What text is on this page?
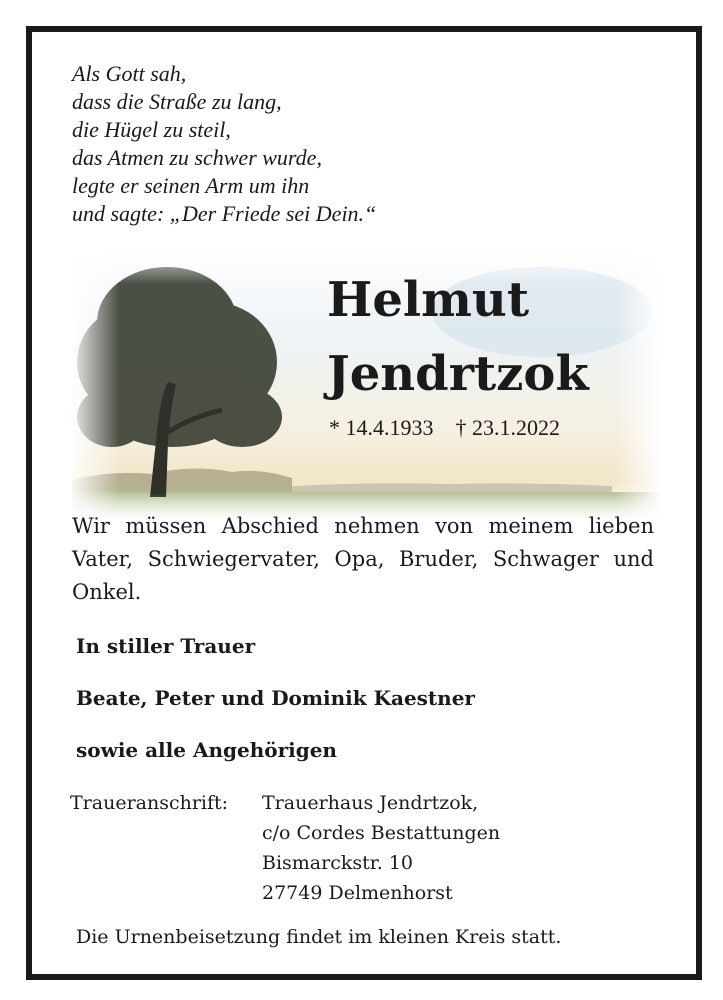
Als Gott sah,
dass die Straße zu lang,
die Hügel zu steil,
das Atmen zu schwer wurde,
legte er seinen Arm um ihn
und sagte: „Der Friede sei Dein.“
Helmut
Jendrtzok
* 14.4.1933 † 23.1.2022
Wir müssen Abschied nehmen von meinem lieben Vater, Schwiegervater, Opa, Bruder, Schwager und Onkel.
In stiller Trauer
Beate, Peter und Dominik Kaestner
sowie alle Angehörigen
Traueranschrift: Trauerhaus Jendrtzok,
c/o Cordes Bestattungen
Bismarckstr. 10
27749 Delmenhorst
Die Urnenbeisetzung findet im kleinen Kreis statt.
